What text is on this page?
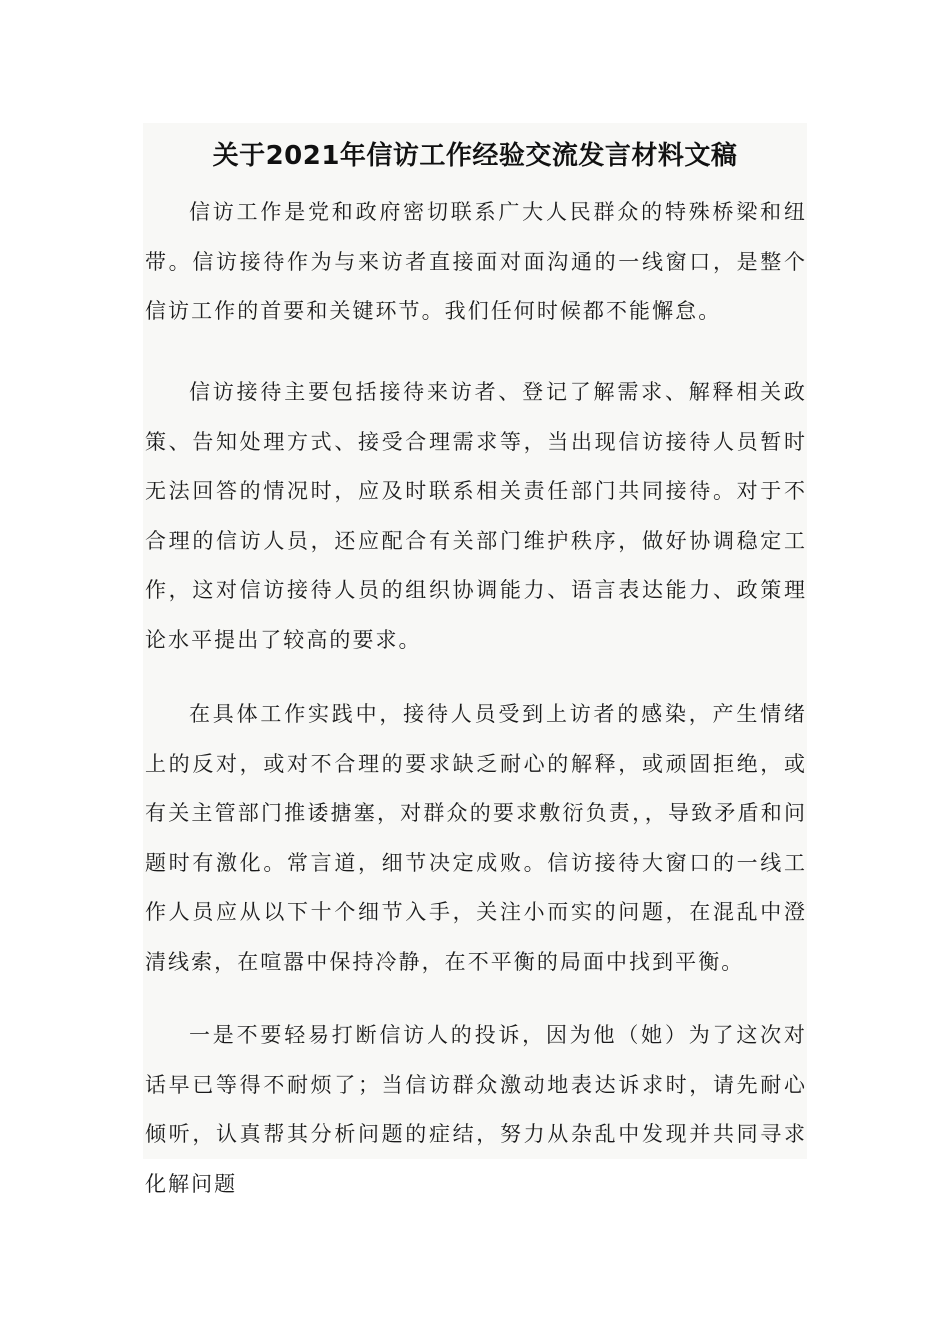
关于2021年信访工作经验交流发言材料文稿

信访工作是党和政府密切联系广大人民群众的特殊桥梁和纽带。信访接待作为与来访者直接面对面沟通的一线窗口，是整个信访工作的首要和关键环节。我们任何时候都不能懈怠。

信访接待主要包括接待来访者、登记了解需求、解释相关政策、告知处理方式、接受合理需求等，当出现信访接待人员暂时无法回答的情况时，应及时联系相关责任部门共同接待。对于不合理的信访人员，还应配合有关部门维护秩序，做好协调稳定工作，这对信访接待人员的组织协调能力、语言表达能力、政策理论水平提出了较高的要求。

在具体工作实践中，接待人员受到上访者的感染，产生情绪上的反对，或对不合理的要求缺乏耐心的解释，或顽固拒绝，或有关主管部门推诿搪塞，对群众的要求敷衍负责，，导致矛盾和问题时有激化。常言道，细节决定成败。信访接待大窗口的一线工作人员应从以下十个细节入手，关注小而实的问题，在混乱中澄清线索，在喧嚣中保持冷静，在不平衡的局面中找到平衡。

一是不要轻易打断信访人的投诉，因为他（她）为了这次对话早已等得不耐烦了；当信访群众激动地表达诉求时，请先耐心倾听，认真帮其分析问题的症结，努力从杂乱中发现并共同寻求化解问题
